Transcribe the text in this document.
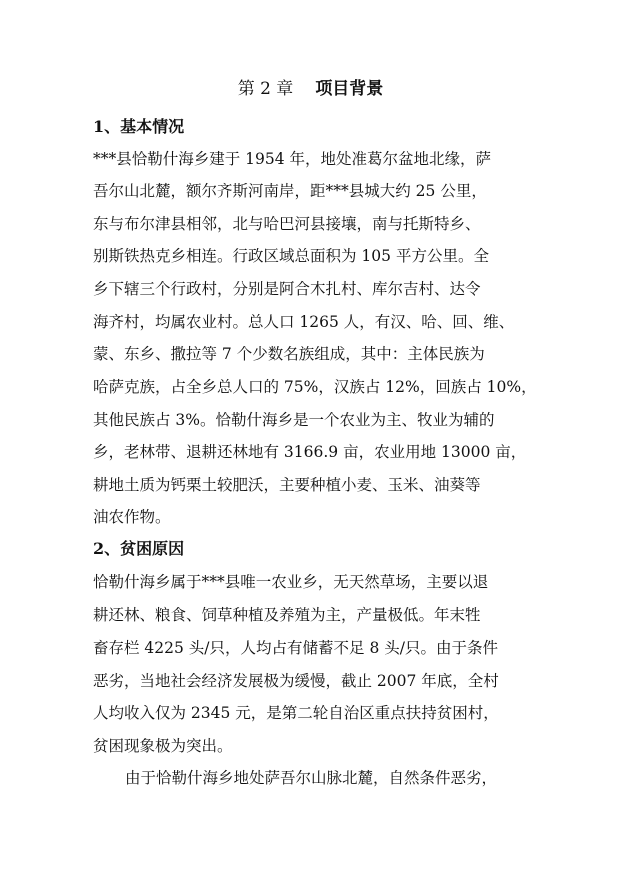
第 2 章 项目背景
1、基本情况
***县恰勒什海乡建于 1954 年，地处准葛尔盆地北缘，萨
吾尔山北麓，额尔齐斯河南岸，距***县城大约 25 公里，
东与布尔津县相邻，北与哈巴河县接壤，南与托斯特乡、
别斯铁热克乡相连。行政区域总面积为 105 平方公里。全
乡下辖三个行政村，分别是阿合木扎村、库尔吉村、达令
海齐村，均属农业村。总人口 1265 人，有汉、哈、回、维、
蒙、东乡、撒拉等 7 个少数名族组成，其中：主体民族为
哈萨克族，占全乡总人口的 75%，汉族占 12%，回族占 10%，
其他民族占 3%。恰勒什海乡是一个农业为主、牧业为辅的
乡，老林带、退耕还林地有 3166.9 亩，农业用地 13000 亩，
耕地土质为钙栗土较肥沃，主要种植小麦、玉米、油葵等
油农作物。
2、贫困原因
恰勒什海乡属于***县唯一农业乡，无天然草场，主要以退
耕还林、粮食、饲草种植及养殖为主，产量极低。年末牲
畜存栏 4225 头/只，人均占有储蓄不足 8 头/只。由于条件
恶劣，当地社会经济发展极为缓慢，截止 2007 年底，全村
人均收入仅为 2345 元，是第二轮自治区重点扶持贫困村，
贫困现象极为突出。
由于恰勒什海乡地处萨吾尔山脉北麓，自然条件恶劣，
